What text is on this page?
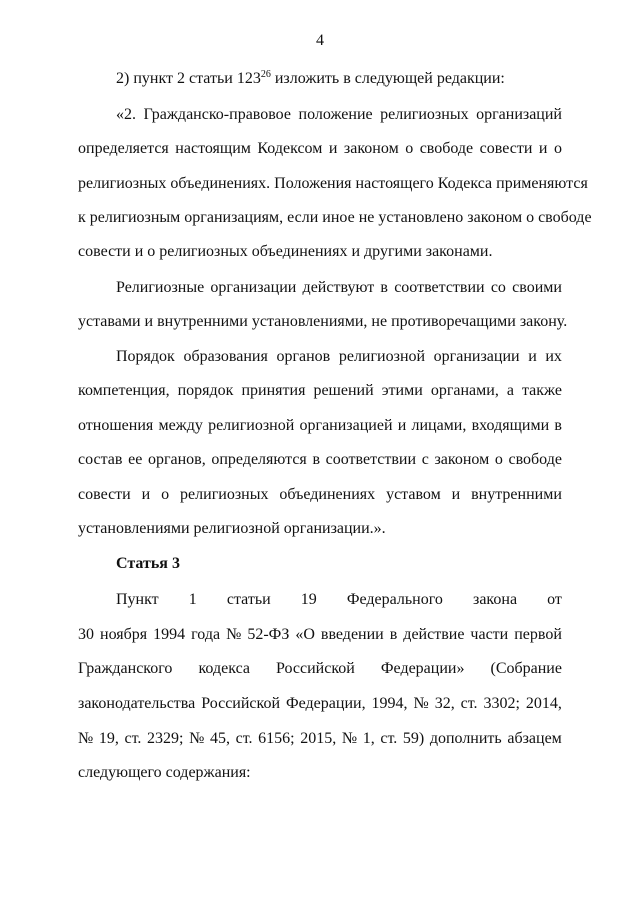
4
2) пункт 2 статьи $123^{26}$ изложить в следующей редакции:
«2. Гражданско-правовое положение религиозных организаций
определяется настоящим Кодексом и законом о свободе совести и о
религиозных объединениях. Положения настоящего Кодекса применяются
к религиозным организациям, если иное не установлено законом о свободе
совести и о религиозных объединениях и другими законами.
Религиозные организации действуют в соответствии со своими
уставами и внутренними установлениями, не противоречащими закону.
Порядок образования органов религиозной организации и их
компетенция, порядок принятия решений этими органами, а также
отношения между религиозной организацией и лицами, входящими в
состав ее органов, определяются в соответствии с законом о свободе
совести и о религиозных объединениях уставом и внутренними
установлениями религиозной организации.».
Статья 3
Пункт 1 статьи 19 Федерального закона от
30 ноября 1994 года № 52-ФЗ «О введении в действие части первой
Гражданского кодекса Российской Федерации» (Собрание
законодательства Российской Федерации, 1994, № 32, ст. 3302; 2014,
№ 19, ст. 2329; № 45, ст. 6156; 2015, № 1, ст. 59) дополнить абзацем
следующего содержания:
